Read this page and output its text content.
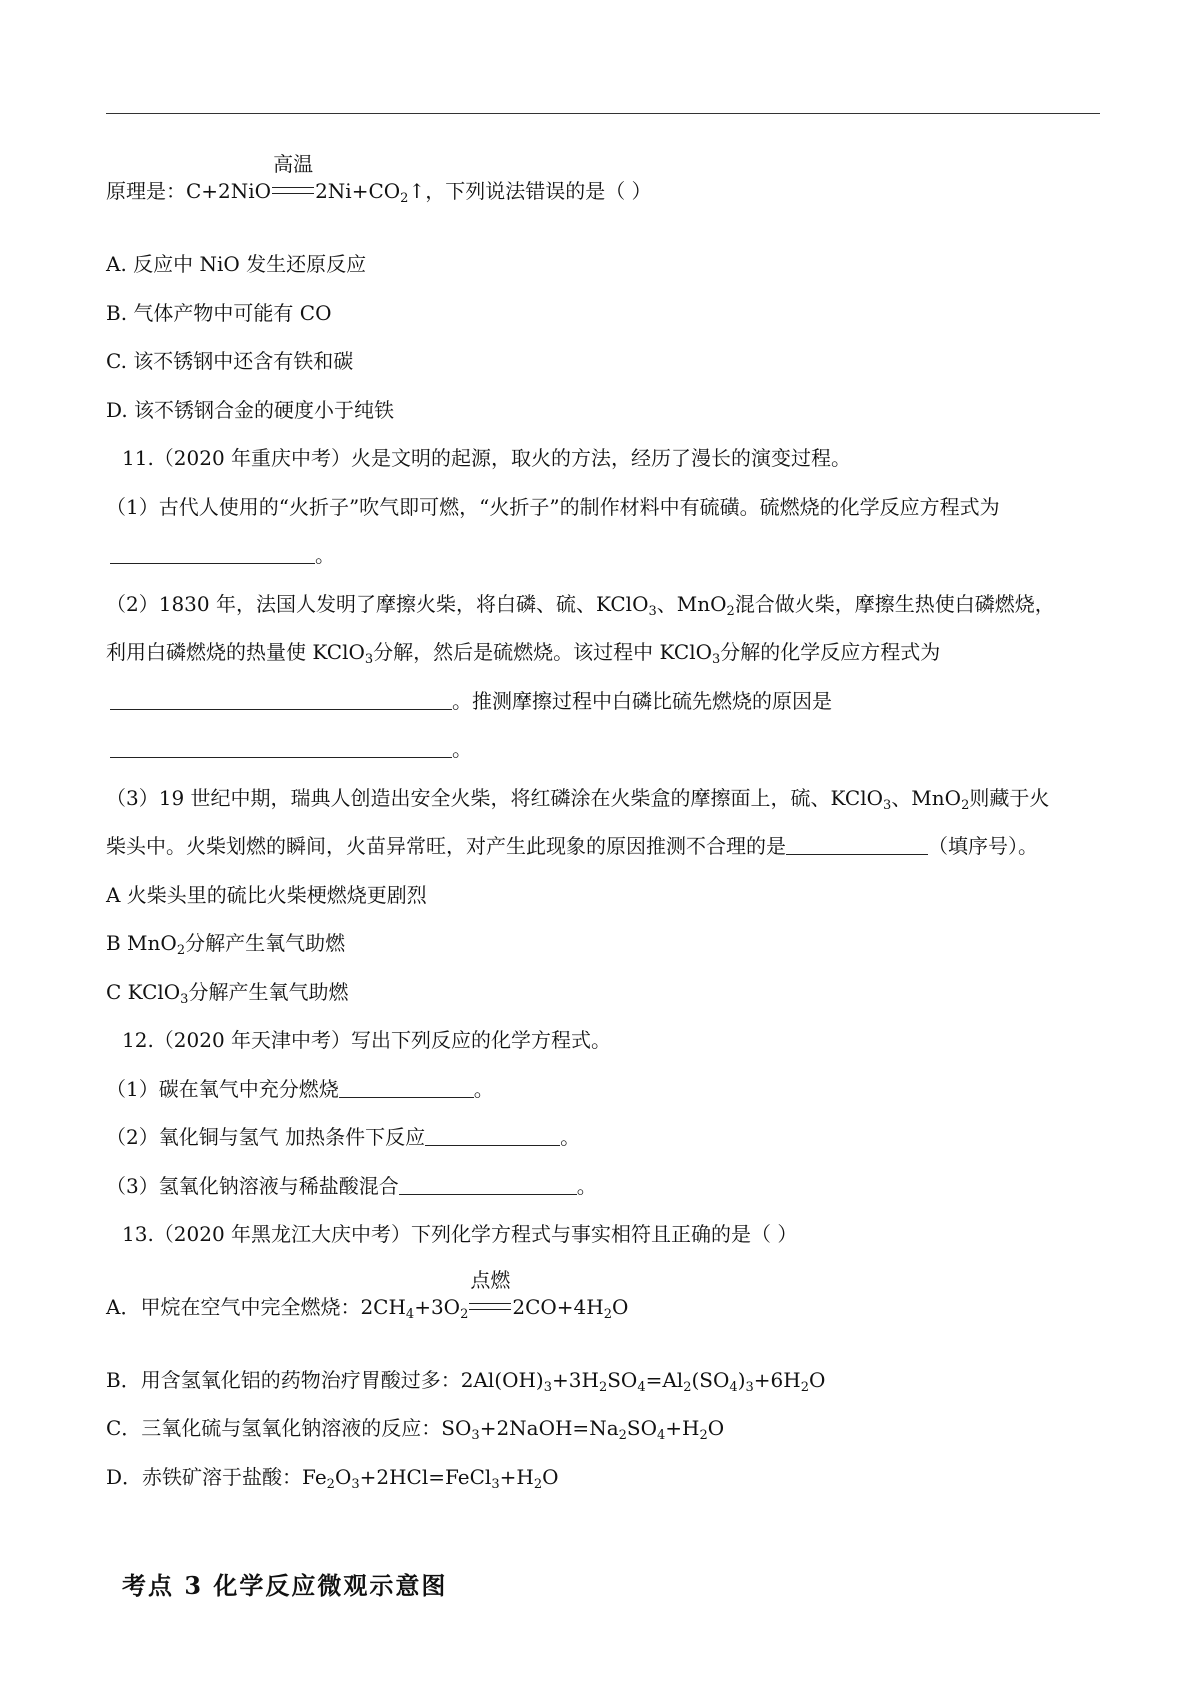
原理是：C+2NiO
高温
$2Ni+CO_2↑$，下列说法错误的是（ ）
A. 反应中 NiO 发生还原反应
B. 气体产物中可能有 CO
C. 该不锈钢中还含有铁和碳
D. 该不锈钢合金的硬度小于纯铁
11.（2020 年重庆中考）火是文明的起源，取火的方法，经历了漫长的演变过程。
（1）古代人使用的“火折子”吹气即可燃，“火折子”的制作材料中有硫磺。硫燃烧的化学反应方程式为
。
（2）1830 年，法国人发明了摩擦火柴，将白磷、硫、KClO$_3$、MnO$_2$混合做火柴，摩擦生热使白磷燃烧，
利用白磷燃烧的热量使 KClO$_3$分解，然后是硫燃烧。该过程中 KClO$_3$分解的化学反应方程式为
。推测摩擦过程中白磷比硫先燃烧的原因是
。
（3）19 世纪中期，瑞典人创造出安全火柴，将红磷涂在火柴盒的摩擦面上，硫、KClO$_3$、MnO$_2$则藏于火
柴头中。火柴划燃的瞬间，火苗异常旺，对产生此现象的原因推测不合理的是	（填序号）。
A 火柴头里的硫比火柴梗燃烧更剧烈
B MnO$_2$分解产生氧气助燃
C KClO$_3$分解产生氧气助燃
12.（2020 年天津中考）写出下列反应的化学方程式。
（1）碳在氧气中充分燃烧	。
（2）氧化铜与氢气 加热条件下反应	。
（3）氢氧化钠溶液与稀盐酸混合	。
13.（2020 年黑龙江大庆中考）下列化学方程式与事实相符且正确的是（ ）
A．甲烷在空气中完全燃烧：$2CH_4+3O_2$
点燃
$2CO+4H_2O$
B．用含氢氧化铝的药物治疗胃酸过多：$2Al(OH)_3+3H_2SO_4=Al_2(SO_4)_3+6H_2O$
C．三氧化硫与氢氧化钠溶液的反应：$SO_3+2NaOH=Na_2SO_4+H_2O$
D．赤铁矿溶于盐酸：$Fe_2O_3+2HCl=FeCl_3+H_2O$
考点 3 化学反应微观示意图
